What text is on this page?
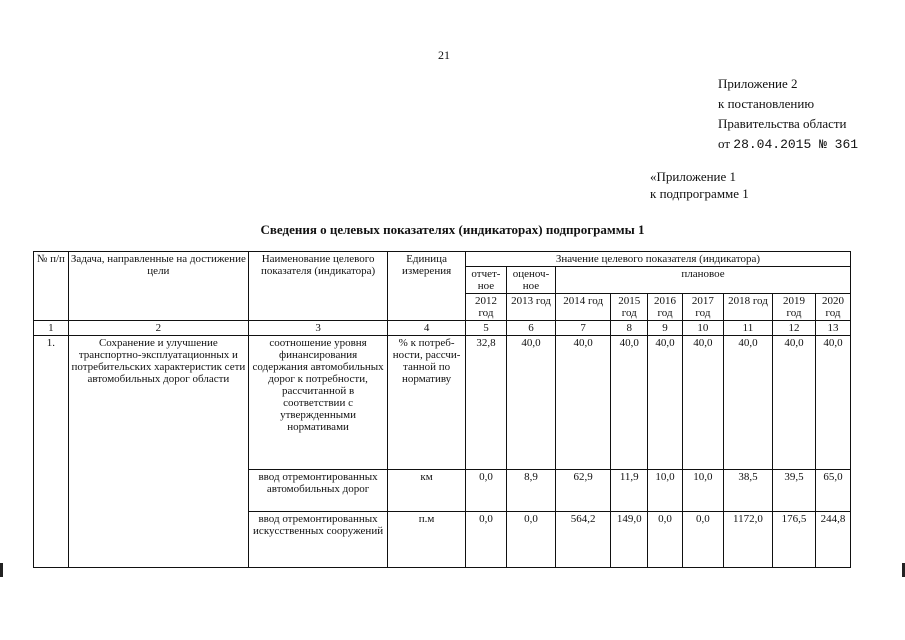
21
Приложение 2
к постановлению
Правительства области
от 28.04.2015 № 361
«Приложение 1
к подпрограмме 1
Сведения о целевых показателях (индикаторах) подпрограммы 1
№ п/п	Задача, направленные на достижение цели	Наименование целевого показателя (индикатора)	Единица измерения	Значение целевого показателя (индикатора)								
				отчет-ное	оценоч-ное	плановое						
				2012 год	2013 год	2014 год	2015 год	2016 год	2017 год	2018 год	2019 год	2020 год
1	2	3	4	5	6	7	8	9	10	11	12	13
1.	Сохранение и улучшение транспортно-эксплуатационных и потребительских характеристик сети автомобильных дорог области	соотношение уровня финансирования содержания автомобильных дорог к потребности, рассчитанной в соответствии с утвержденными нормативами	% к потреб-ности, рассчи-танной по нормативу	32,8	40,0	40,0	40,0	40,0	40,0	40,0	40,0	40,0
		ввод отремонтированных автомобильных дорог	км	0,0	8,9	62,9	11,9	10,0	10,0	38,5	39,5	65,0
		ввод отремонтированных искусственных сооружений	п.м	0,0	0,0	564,2	149,0	0,0	0,0	1172,0	176,5	244,8
